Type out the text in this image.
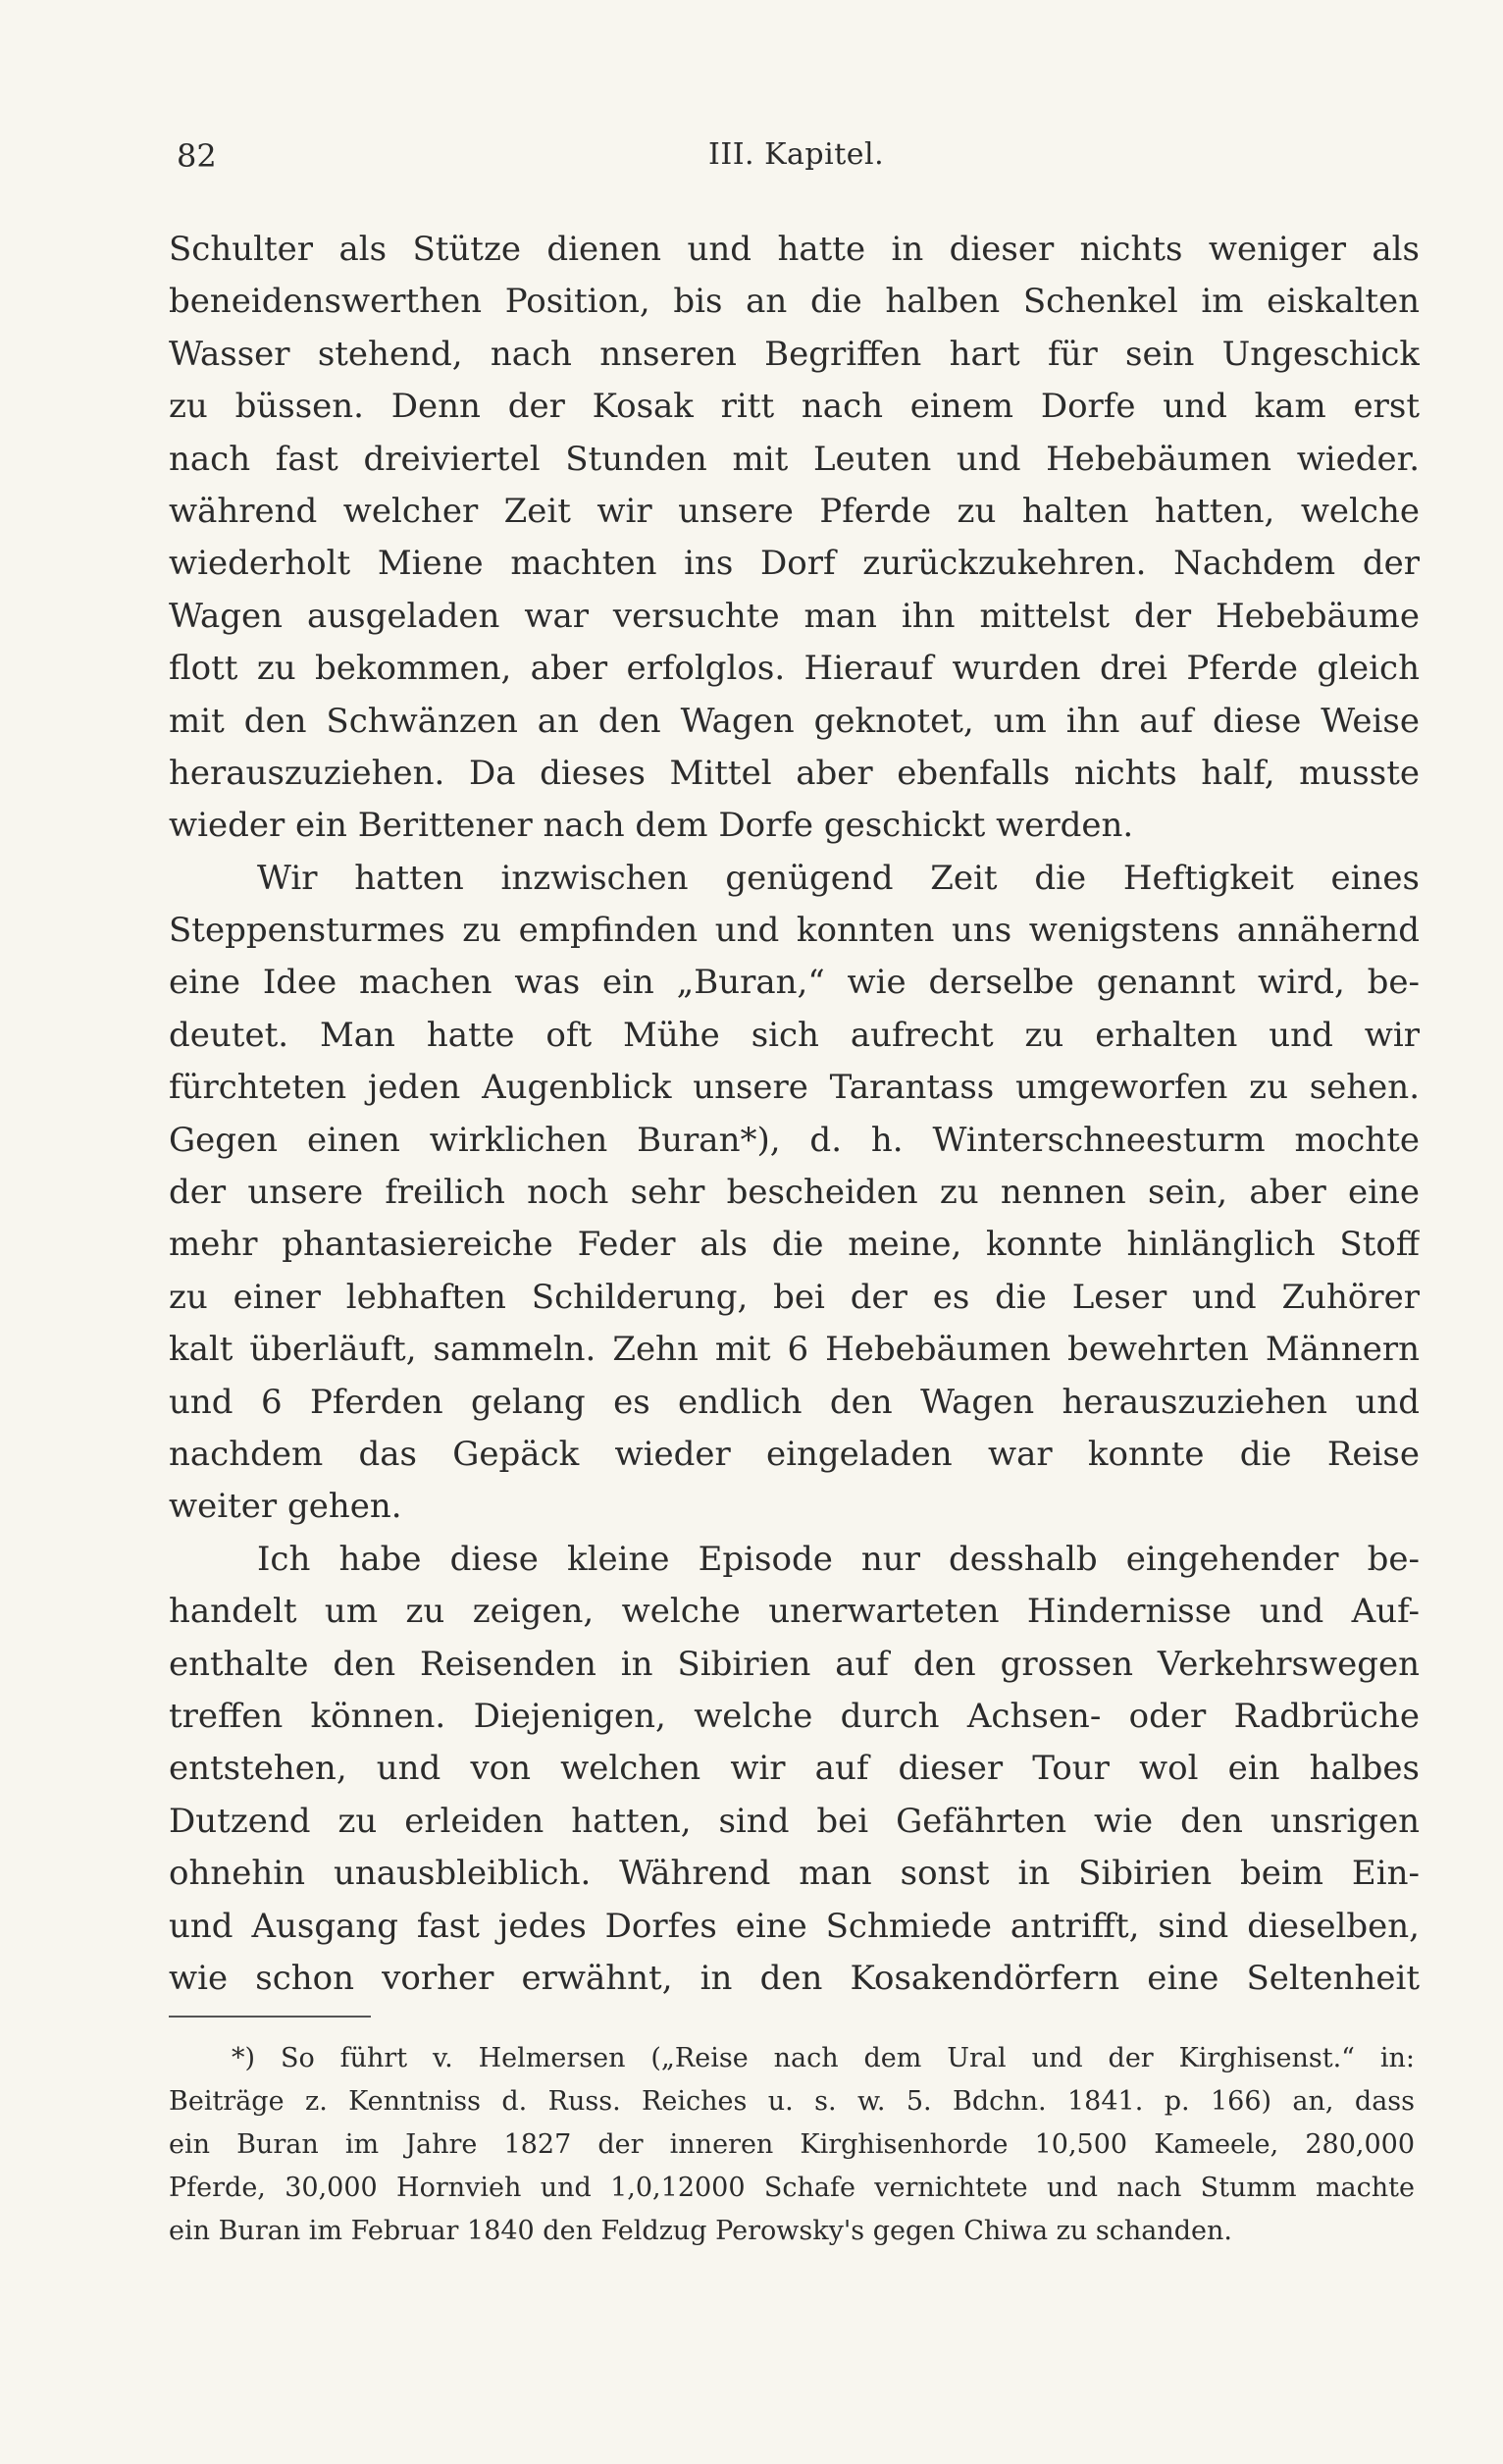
82	III. Kapitel.
Schulter als Stütze dienen und hatte in dieser nichts weniger als
beneidenswerthen Position, bis an die halben Schenkel im eiskalten
Wasser stehend, nach nnseren Begriffen hart für sein Ungeschick
zu büssen. Denn der Kosak ritt nach einem Dorfe und kam erst
nach fast dreiviertel Stunden mit Leuten und Hebebäumen wieder.
während welcher Zeit wir unsere Pferde zu halten hatten, welche
wiederholt Miene machten ins Dorf zurückzukehren. Nachdem der
Wagen ausgeladen war versuchte man ihn mittelst der Hebebäume
flott zu bekommen, aber erfolglos. Hierauf wurden drei Pferde gleich
mit den Schwänzen an den Wagen geknotet, um ihn auf diese Weise
herauszuziehen. Da dieses Mittel aber ebenfalls nichts half, musste
wieder ein Berittener nach dem Dorfe geschickt werden.
Wir hatten inzwischen genügend Zeit die Heftigkeit eines
Steppensturmes zu empfinden und konnten uns wenigstens annähernd
eine Idee machen was ein „Buran,“ wie derselbe genannt wird, be-
deutet. Man hatte oft Mühe sich aufrecht zu erhalten und wir
fürchteten jeden Augenblick unsere Tarantass umgeworfen zu sehen.
Gegen einen wirklichen Buran*), d. h. Winterschneesturm mochte
der unsere freilich noch sehr bescheiden zu nennen sein, aber eine
mehr phantasiereiche Feder als die meine, konnte hinlänglich Stoff
zu einer lebhaften Schilderung, bei der es die Leser und Zuhörer
kalt überläuft, sammeln. Zehn mit 6 Hebebäumen bewehrten Männern
und 6 Pferden gelang es endlich den Wagen herauszuziehen und
nachdem das Gepäck wieder eingeladen war konnte die Reise
weiter gehen.
Ich habe diese kleine Episode nur desshalb eingehender be-
handelt um zu zeigen, welche unerwarteten Hindernisse und Auf-
enthalte den Reisenden in Sibirien auf den grossen Verkehrswegen
treffen können. Diejenigen, welche durch Achsen- oder Radbrüche
entstehen, und von welchen wir auf dieser Tour wol ein halbes
Dutzend zu erleiden hatten, sind bei Gefährten wie den unsrigen
ohnehin unausbleiblich. Während man sonst in Sibirien beim Ein-
und Ausgang fast jedes Dorfes eine Schmiede antrifft, sind dieselben,
wie schon vorher erwähnt, in den Kosakendörfern eine Seltenheit
*) So führt v. Helmersen („Reise nach dem Ural und der Kirghisenst.“ in:
Beiträge z. Kenntniss d. Russ. Reiches u. s. w. 5. Bdchn. 1841. p. 166) an, dass
ein Buran im Jahre 1827 der inneren Kirghisenhorde 10,500 Kameele, 280,000
Pferde, 30,000 Hornvieh und 1,0,12000 Schafe vernichtete und nach Stumm machte
ein Buran im Februar 1840 den Feldzug Perowsky's gegen Chiwa zu schanden.
